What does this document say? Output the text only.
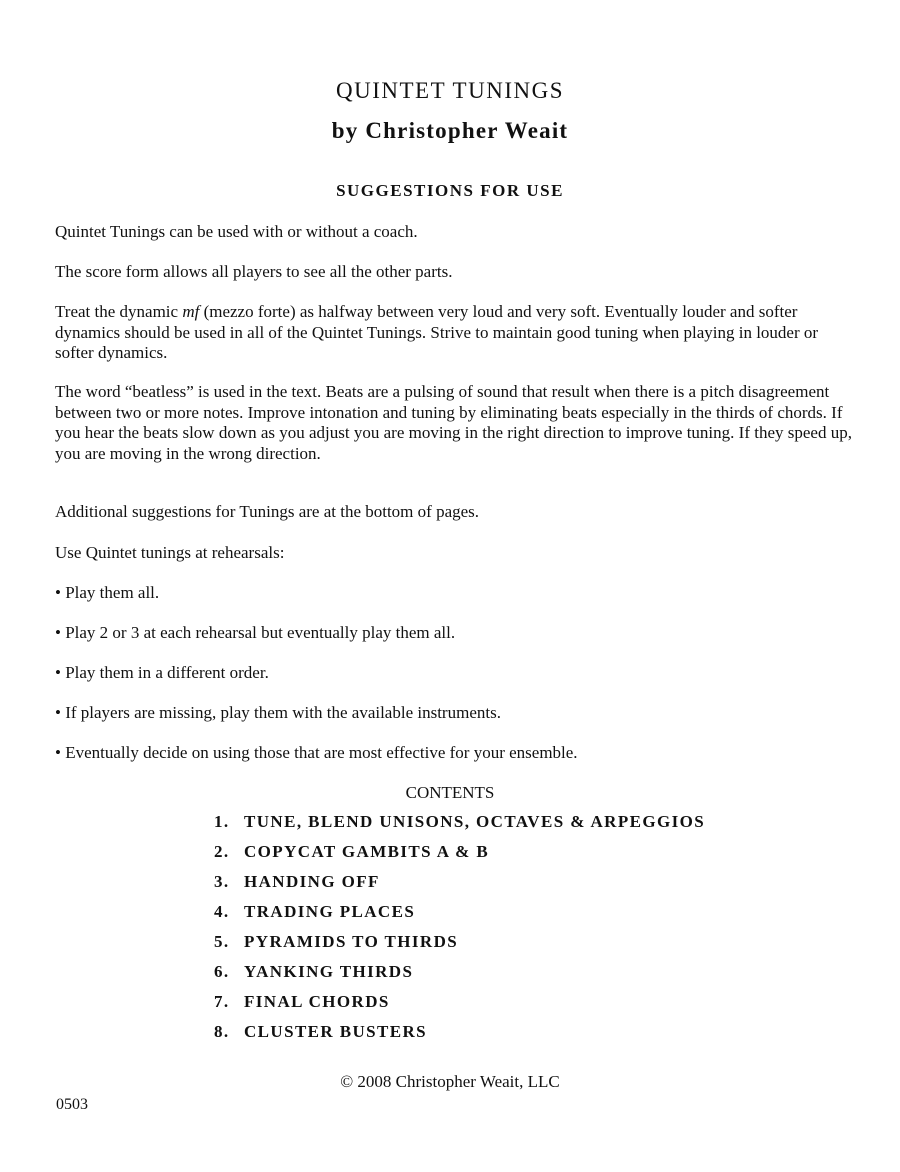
QUINTET TUNINGS
by Christopher Weait
SUGGESTIONS FOR USE

Quintet Tunings can be used with or without a coach.

The score form allows all players to see all the other parts.

Treat the dynamic mf (mezzo forte) as halfway between very loud and very soft. Eventually louder and softer dynamics should be used in all of the Quintet Tunings. Strive to maintain good tuning when playing in louder or softer dynamics.

The word “beatless” is used in the text. Beats are a pulsing of sound that result when there is a pitch disagreement between two or more notes. Improve intonation and tuning by eliminating beats especially in the thirds of chords. If you hear the beats slow down as you adjust you are moving in the right direction to improve tuning. If they speed up, you are moving in the wrong direction.

Additional suggestions for Tunings are at the bottom of pages.

Use Quintet tunings at rehearsals:

• Play them all.

• Play 2 or 3 at each rehearsal but eventually play them all.

• Play them in a different order.

• If players are missing, play them with the available instruments.

• Eventually decide on using those that are most effective for your ensemble.

CONTENTS
1. TUNE, BLEND UNISONS, OCTAVES & ARPEGGIOS
2. COPYCAT GAMBITS A & B
3. HANDING OFF
4. TRADING PLACES
5. PYRAMIDS TO THIRDS
6. YANKING THIRDS
7. FINAL CHORDS
8. CLUSTER BUSTERS

© 2008 Christopher Weait, LLC

0503
